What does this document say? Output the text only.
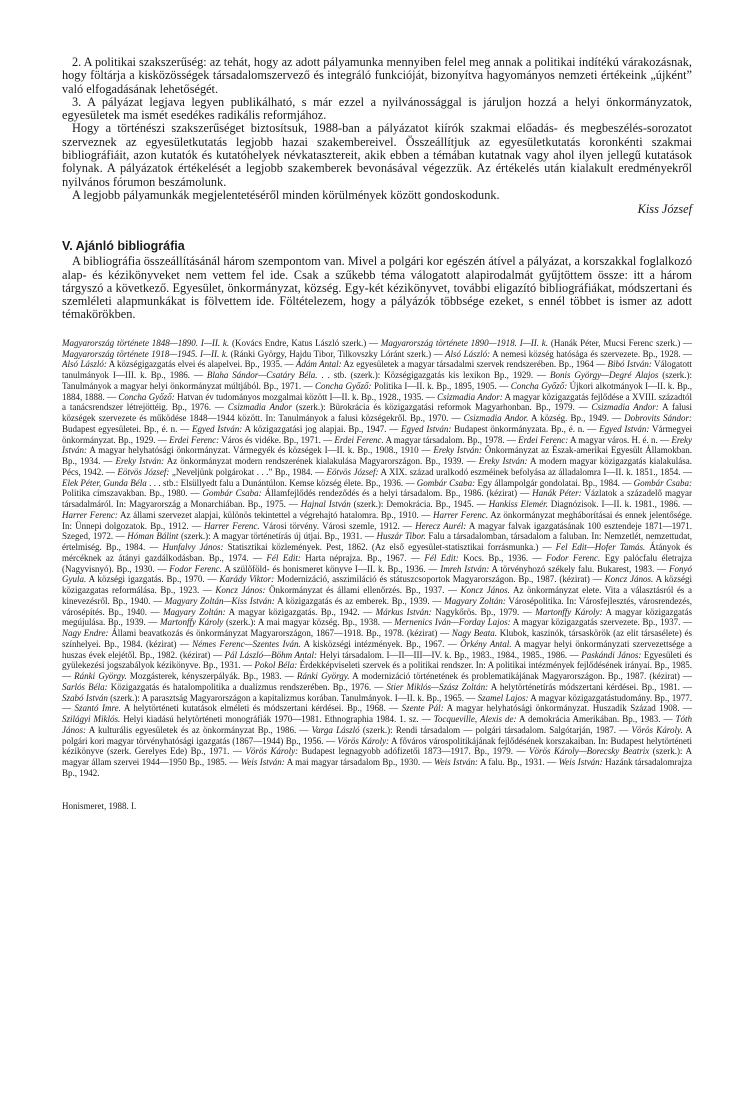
2. A politikai szakszerűség: az tehát, hogy az adott pályamunka mennyiben felel meg annak a politikai indítékú várakozásnak, hogy föltárja a kisközösségek társadalomszervező és integráló funkcióját, bizonyítva hagyományos nemzeti értékeink „újkéntˮ való elfogadásának lehetőségét.

3. A pályázat legjava legyen publikálható, s már ezzel a nyilvánossággal is járuljon hozzá a helyi önkormányzatok, egyesületek ma ismét esedékes radikális reformjához.

Hogy a történészi szakszerűséget biztosítsuk, 1988-ban a pályázatot kiírók szakmai előadás- és megbeszélés-sorozatot szerveznek az egyesületkutatás legjobb hazai szakembereivel. Összeállítjuk az egyesületkutatás koronkénti szakmai bibliográfiáit, azon kutatók és kutatóhelyek névkatasztereit, akik ebben a témában kutatnak vagy ahol ilyen jellegű kutatások folynak. A pályázatok értékelését a legjobb szakemberek bevonásával végezzük. Az értékelés után kialakult eredményekről nyilvános fórumon beszámolunk.

A legjobb pályamunkák megjelentetéséről minden körülmények között gondoskodunk.

Kiss József

V. Ajánló bibliográfia

A bibliográfia összeállításánál három szempontom van. Mivel a polgári kor egészén átível a pályázat, a korszakkal foglalkozó alap- és kézikönyveket nem vettem fel ide. Csak a szűkebb téma válogatott alapirodalmát gyűjtöttem össze: itt a három tárgyszó a következő. Egyesület, önkormányzat, község. Egy-két kézikönyvet, további eligazító bibliográfiákat, módszertani és szemléleti alapmunkákat is fölvettem ide. Föltételezem, hogy a pályázók többsége ezeket, s ennél többet is ismer az adott témakörökben.

Magyarország története 1848—1890. I—II. k. (Kovács Endre, Katus László szerk.) — Magyarország története 1890—1918. I—II. k. (Hanák Péter, Mucsi Ferenc szerk.) — Magyarország története 1918—1945. I—II. k. (Ránki György, Hajdu Tibor, Tilkovszky Lóránt szerk.) — Alsó László: A nemesi község hatósága és szervezete. Bp., 1928. — Alsó László: A községigazgatás elvei és alapelvei. Bp., 1935. — Ádám Antal: Az egyesületek a magyar társadalmi szervek rendszerében. Bp., 1964 — Bibó István: Válogatott tanulmányok I—III. k. Bp., 1986. — Blaha Sándor—Csatáry Béla. . . stb. (szerk.): Községigazgatás kis lexikon Bp., 1929. — Bonis György—Degré Alajos (szerk.): Tanulmányok a magyar helyi önkormányzat múltjából. Bp., 1971. — Concha Győző: Politika I—II. k. Bp., 1895, 1905. — Concha Győző: Újkori alkotmányok I—II. k. Bp., 1884, 1888. — Concha Győző: Hatvan év tudományos mozgalmai között I—II. k. Bp., 1928., 1935. — Csizmadia Andor: A magyar közigazgatás fejlődése a XVIII. századtól a tanácsrendszer létrejöttéig. Bp., 1976. — Csizmadia Andor (szerk.): Bürokrácia és közigazgatási reformok Magyarhonban. Bp., 1979. — Csizmadia Andor: A falusi községek szervezete és működése 1848—1944 között. In: Tanulmányok a falusi községekről. Bp., 1970. — Csizmadia Andor. A község. Bp., 1949. — Dobrovits Sándor: Budapest egyesületei. Bp., é. n. — Egyed István: A közigazgatási jog alapjai. Bp., 1947. — Egyed István: Budapest önkormányzata. Bp., é. n. — Egyed István: Vármegyei önkormányzat. Bp., 1929. — Erdei Ferenc: Város és vidéke. Bp., 1971. — Erdei Ferenc. A magyar társadalom. Bp., 1978. — Erdei Ferenc: A magyar város. H. é. n. — Ereky István: A magyar helyhatósági önkormányzat. Vármegyék és községek I—II. k. Bp., 1908., 1910 — Ereky István: Önkormányzat az Észak-amerikai Egyesült Államokban. Bp., 1934. — Ereky István: Az önkormányzat modern rendszerének kialakulása Magyarországon. Bp., 1939. — Ereky István: A modern magyar közigazgatás kialakulása. Pécs, 1942. — Eötvös József: „Neveljünk polgárokat . . .ˮ Bp., 1984. — Eötvös József: A XIX. század uralkodó eszméinek befolyása az álladalomra I—II. k. 1851., 1854. — Elek Péter, Gunda Béla . . . stb.: Elsüllyedt falu a Dunántúlon. Kemse község élete. Bp., 1936. — Gombár Csaba: Egy állampolgár gondolatai. Bp., 1984. — Gombár Csaba: Politika címszavakban. Bp., 1980. — Gombár Csaba: Államfejlődés rendeződés és a helyi társadalom. Bp., 1986. (kézirat) — Hanák Péter: Vázlatok a századelő magyar társadalmáról. In: Magyarország a Monarchiában. Bp., 1975. — Hajnal István (szerk.): Demokrácia. Bp., 1945. — Hankiss Elemér. Diagnózisok. I—II. k. 1981., 1986. — Harrer Ferenc: Az állami szervezet alapjai, különös tekintettel a végrehajtó hatalomra. Bp., 1910. — Harrer Ferenc. Az önkormányzat megháborításai és ennek jelentősége. In: Ünnepi dolgozatok. Bp., 1912. — Harrer Ferenc. Városi törvény. Városi szemle, 1912. — Herecz Aurél: A magyar falvak igazgatásának 100 esztendeje 1871—1971. Szeged, 1972. — Hóman Bálint (szerk.): A magyar történetírás új útjai. Bp., 1931. — Huszár Tibor. Falu a társadalomban, társadalom a faluban. In: Nemzetlét, nemzettudat, értelmiség. Bp., 1984. — Hunfalvy János: Statisztikai közlemények. Pest, 1862. (Az első egyesület-statisztikai forrásmunka.) — Fel Edit—Hofer Tamás. Átányok és mércéknek az átányi gazdálkodásban. Bp., 1974. — Fél Edit: Harta néprajza. Bp., 1967. — Fél Edit: Kocs. Bp., 1936. — Fodor Ferenc. Egy palócfalu életrajza (Nagyvisnyó). Bp., 1930. — Fodor Ferenc. A szülőföld- és honismeret könyve I—II. k. Bp., 1936. — Imreh István: A törvényhozó székely falu. Bukarest, 1983. — Fonyó Gyula. A községi igazgatás. Bp., 1970. — Karády Viktor: Modernizáció, asszimiláció és státuszcsoportok Magyarországon. Bp., 1987. (kézirat) — Koncz János. A községi közigazgatas reformálása. Bp., 1923. — Koncz János: Önkormányzat és állami ellenőrzés. Bp., 1937. — Koncz János. Az önkormányzat elete. Vita a választásról és a kinevezésről. Bp., 1940. — Magyary Zoltán—Kiss István: A közigazgatás és az emberek. Bp., 1939. — Magyary Zoltán: Városépolitika. In: Városfejlesztés, városrendezés, városépítés. Bp., 1940. — Magyary Zoltán: A magyar közigazgatás. Bp., 1942. — Márkus István: Nagykőrös. Bp., 1979. — Martonffy Károly: A magyar közigazgatás megújulása. Bp., 1939. — Martonffy Károly (szerk.): A mai magyar község. Bp., 1938. — Mernenics Iván—Forday Lajos: A magyar közigazgatás szervezete. Bp., 1937. — Nagy Endre: Állami beavatkozás és önkormányzat Magyarországon, 1867—1918. Bp., 1978. (kézirat) — Nagy Beata. Klubok, kaszinók, társaskörök (az elit társasélete) és színhelyei. Bp., 1984. (kézirat) — Némes Ferenc—Szentes Iván. A kisközségi intézmények. Bp., 1967. — Örkény Antal. A magyar helyi önkormányzati szervezettsége a huszas évek elejétől. Bp., 1982. (kézirat) — Pál László—Böhm Antal: Helyi társadalom. I—II—III—IV. k. Bp., 1983., 1984., 1985., 1986. — Paskándi János: Egyesületi és gyülekezési jogszabályok kézikönyve. Bp., 1931. — Pokol Béla: Érdekképviseleti szervek és a politikai rendszer. In: A politikai intézmények fejlődésének irányai. Bp., 1985. — Ránki György. Mozgásterek, kényszerpályák. Bp., 1983. — Ránki György. A modernizáció történetének és problematikájának Magyarországon. Bp., 1987. (kézirat) — Sarlós Béla: Közigazgatás és hatalompolitika a dualizmus rendszerében. Bp., 1976. — Stier Miklós—Szász Zoltán: A helytörténetírás módszertani kérdései. Bp., 1981. — Szabó István (szerk.): A parasztság Magyarországon a kapitalizmus korában. Tanulmányok. I—II. k. Bp., 1965. — Szamel Lajos: A magyar közigazgatástudomány. Bp., 1977. — Szantó Imre. A helytörténeti kutatások elméleti és módszertani kérdései. Bp., 1968. — Szente Pál: A magyar helyhatósági önkormányzat. Huszadik Század 1908. — Szilágyi Miklós. Helyi kiadású helytörténeti monográfiák 1970—1981. Ethnographia 1984. 1. sz. — Tocqueville, Alexis de: A demokrácia Amerikában. Bp., 1983. — Tóth János: A kulturális egyesületek és az önkormányzat Bp., 1986. — Varga László (szerk.): Rendi társadalom — polgári társadalom. Salgótarján, 1987. — Vörös Károly. A polgári kori magyar törvényhatósági igazgatás (1867—1944) Bp., 1956. — Vörös Károly: A főváros várospolitikájának fejlődésének korszakaiban. In: Budapest helytörténeti kézikönyve (szerk. Gerelyes Ede) Bp., 1971. — Vörös Károly: Budapest legnagyobb adófizetői 1873—1917. Bp., 1979. — Vörös Károly—Borecsky Beatrix (szerk.): A magyar állam szervei 1944—1950 Bp., 1985. — Weis István: A mai magyar társadalom Bp., 1930. — Weis István: A falu. Bp., 1931. — Weis István: Hazánk társadalomrajza Bp., 1942.
Honismeret, 1988. I.
